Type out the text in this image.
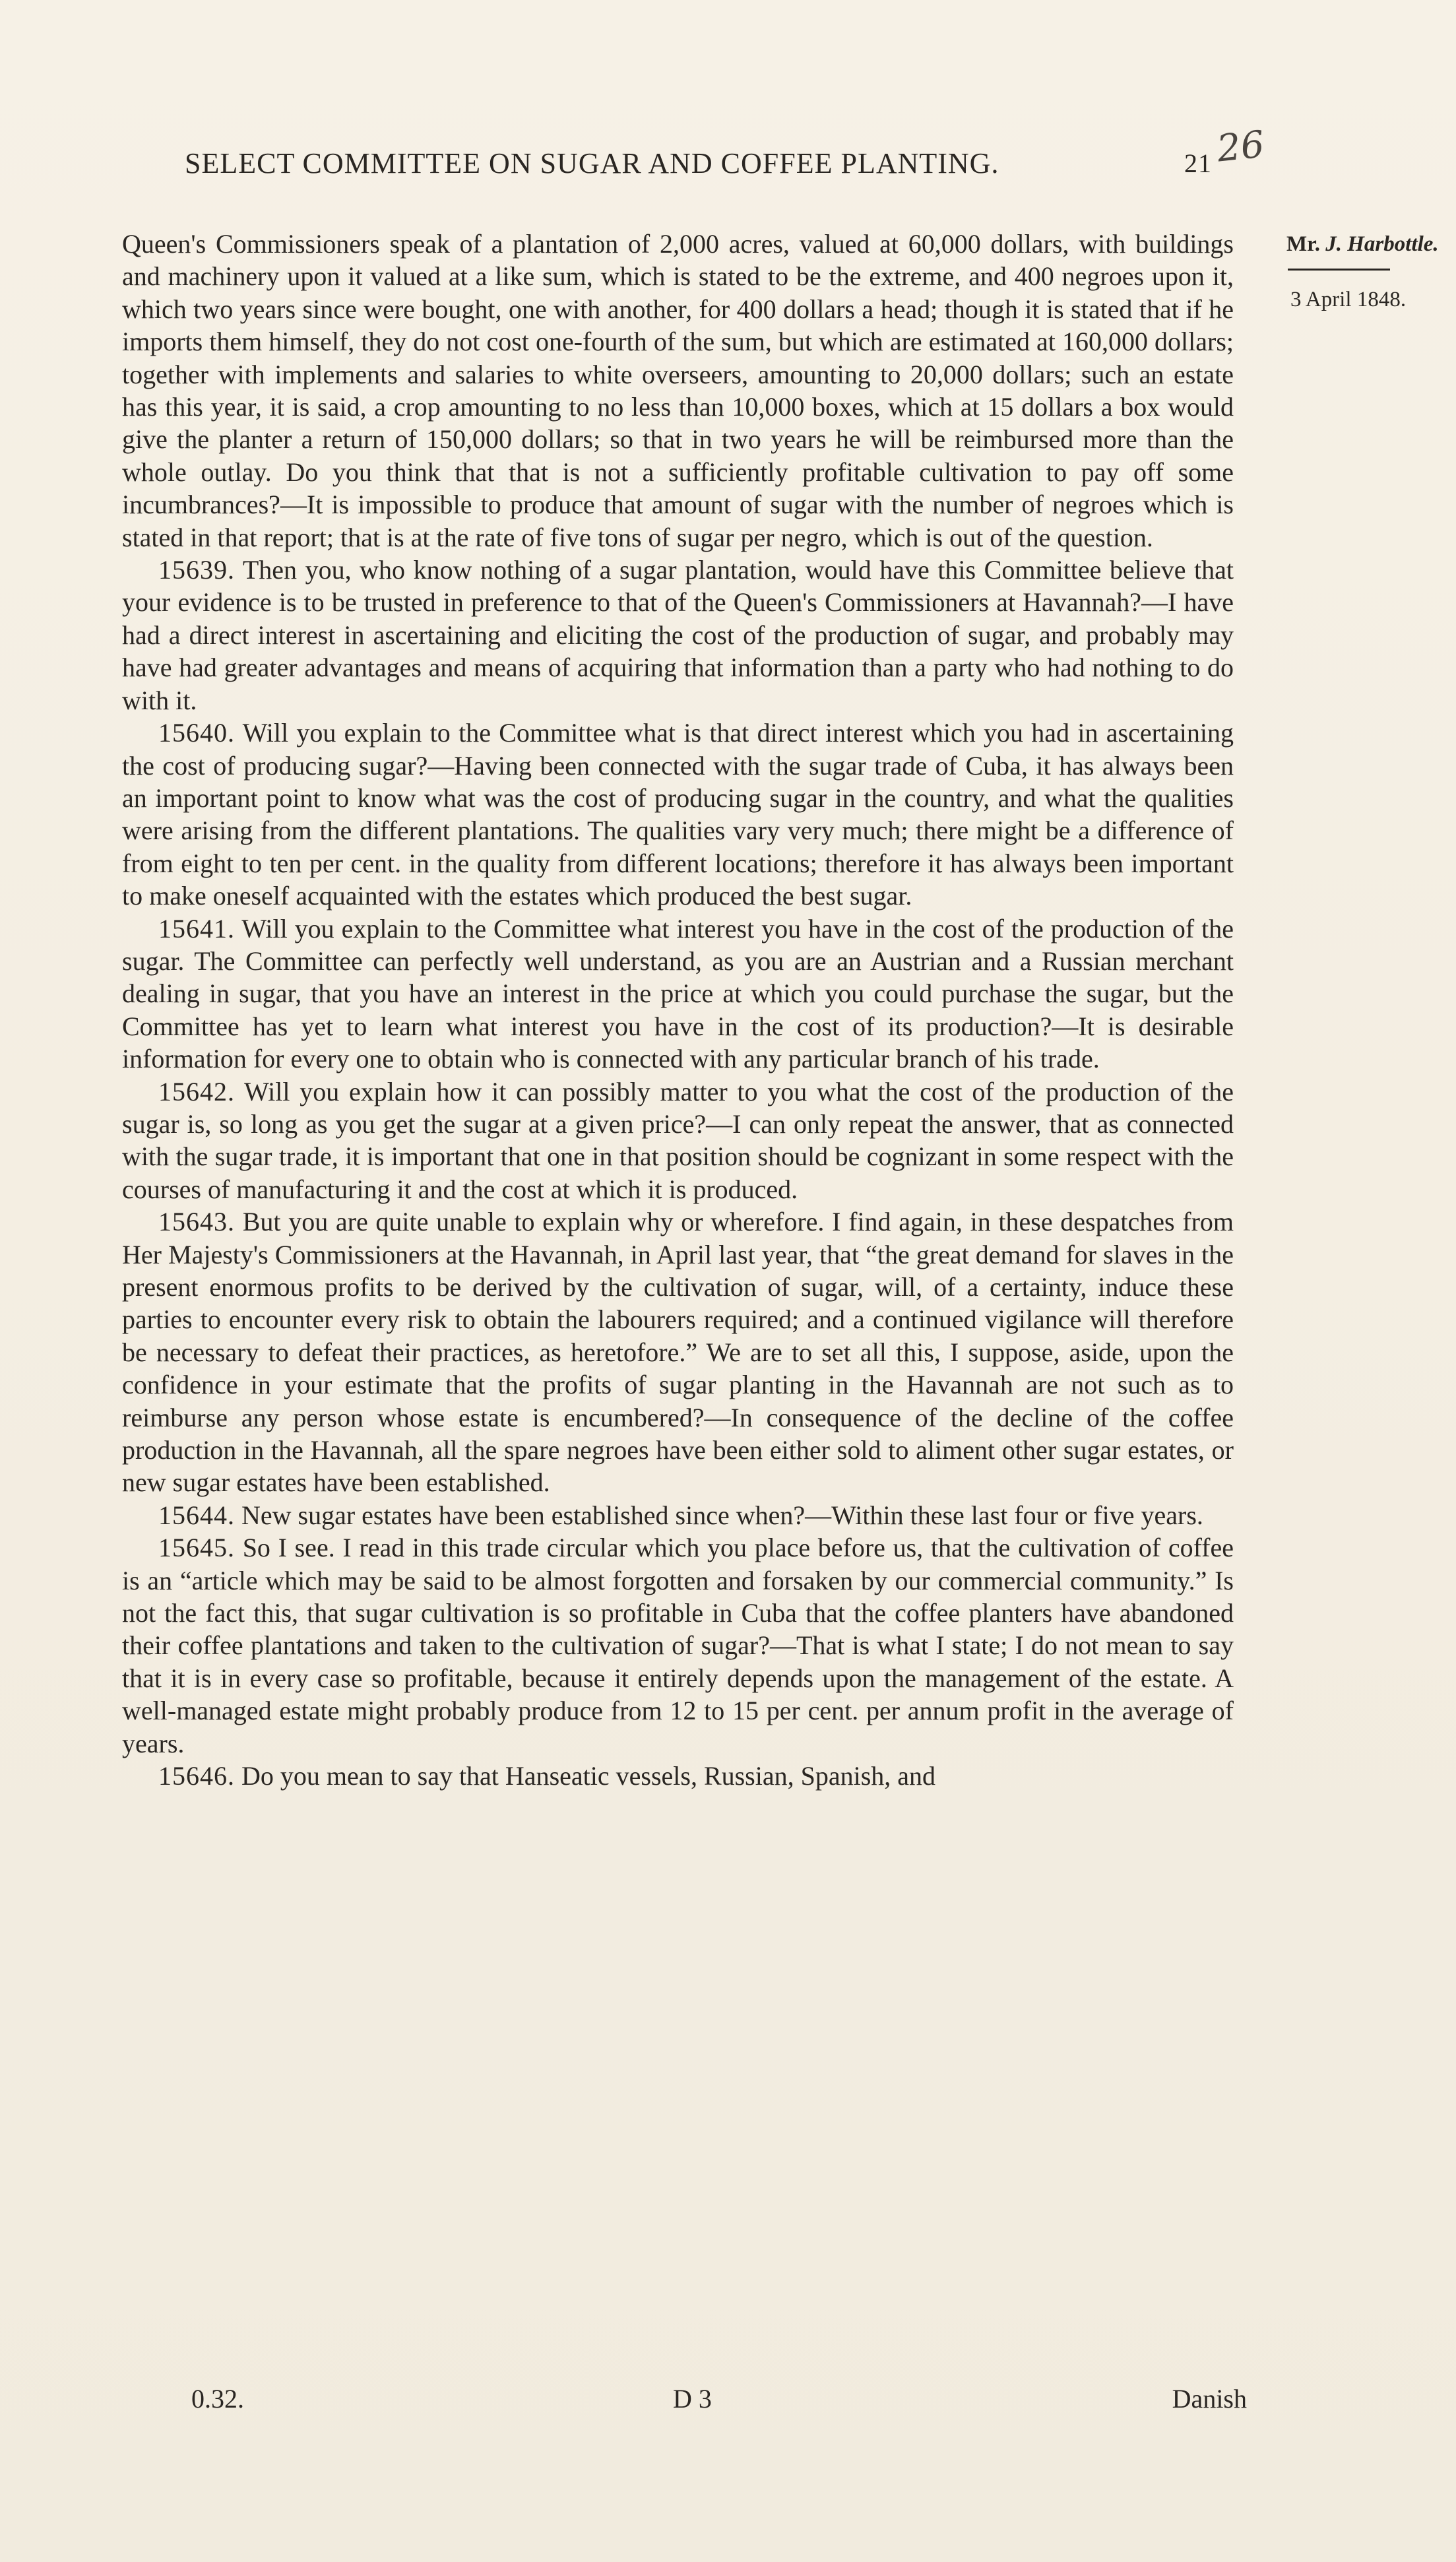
SELECT COMMITTEE ON SUGAR AND COFFEE PLANTING.	21 26
Mr. J. Harbottle.
3 April 1848.

Queen's Commissioners speak of a plantation of 2,000 acres, valued at 60,000 dollars, with buildings and machinery upon it valued at a like sum, which is stated to be the extreme, and 400 negroes upon it, which two years since were bought, one with another, for 400 dollars a head; though it is stated that if he imports them himself, they do not cost one-fourth of the sum, but which are estimated at 160,000 dollars; together with implements and salaries to white overseers, amounting to 20,000 dollars; such an estate has this year, it is said, a crop amounting to no less than 10,000 boxes, which at 15 dollars a box would give the planter a return of 150,000 dollars; so that in two years he will be reimbursed more than the whole outlay. Do you think that that is not a sufficiently profitable cultivation to pay off some incumbrances?—It is impossible to produce that amount of sugar with the number of negroes which is stated in that report; that is at the rate of five tons of sugar per negro, which is out of the question.

15639. Then you, who know nothing of a sugar plantation, would have this Committee believe that your evidence is to be trusted in preference to that of the Queen's Commissioners at Havannah?—I have had a direct interest in ascertaining and eliciting the cost of the production of sugar, and probably may have had greater advantages and means of acquiring that information than a party who had nothing to do with it.

15640. Will you explain to the Committee what is that direct interest which you had in ascertaining the cost of producing sugar?—Having been connected with the sugar trade of Cuba, it has always been an important point to know what was the cost of producing sugar in the country, and what the qualities were arising from the different plantations. The qualities vary very much; there might be a difference of from eight to ten per cent. in the quality from different locations; therefore it has always been important to make oneself acquainted with the estates which produced the best sugar.

15641. Will you explain to the Committee what interest you have in the cost of the production of the sugar. The Committee can perfectly well understand, as you are an Austrian and a Russian merchant dealing in sugar, that you have an interest in the price at which you could purchase the sugar, but the Committee has yet to learn what interest you have in the cost of its production?—It is desirable information for every one to obtain who is connected with any particular branch of his trade.

15642. Will you explain how it can possibly matter to you what the cost of the production of the sugar is, so long as you get the sugar at a given price?—I can only repeat the answer, that as connected with the sugar trade, it is important that one in that position should be cognizant in some respect with the courses of manufacturing it and the cost at which it is produced.

15643. But you are quite unable to explain why or wherefore. I find again, in these despatches from Her Majesty's Commissioners at the Havannah, in April last year, that “the great demand for slaves in the present enormous profits to be derived by the cultivation of sugar, will, of a certainty, induce these parties to encounter every risk to obtain the labourers required; and a continued vigilance will therefore be necessary to defeat their practices, as heretofore.” We are to set all this, I suppose, aside, upon the confidence in your estimate that the profits of sugar planting in the Havannah are not such as to reimburse any person whose estate is encumbered?—In consequence of the decline of the coffee production in the Havannah, all the spare negroes have been either sold to aliment other sugar estates, or new sugar estates have been established.

15644. New sugar estates have been established since when?—Within these last four or five years.

15645. So I see. I read in this trade circular which you place before us, that the cultivation of coffee is an “article which may be said to be almost forgotten and forsaken by our commercial community.” Is not the fact this, that sugar cultivation is so profitable in Cuba that the coffee planters have abandoned their coffee plantations and taken to the cultivation of sugar?—That is what I state; I do not mean to say that it is in every case so profitable, because it entirely depends upon the management of the estate. A well-managed estate might probably produce from 12 to 15 per cent. per annum profit in the average of years.

15646. Do you mean to say that Hanseatic vessels, Russian, Spanish, and

0.32.	D 3	Danish
